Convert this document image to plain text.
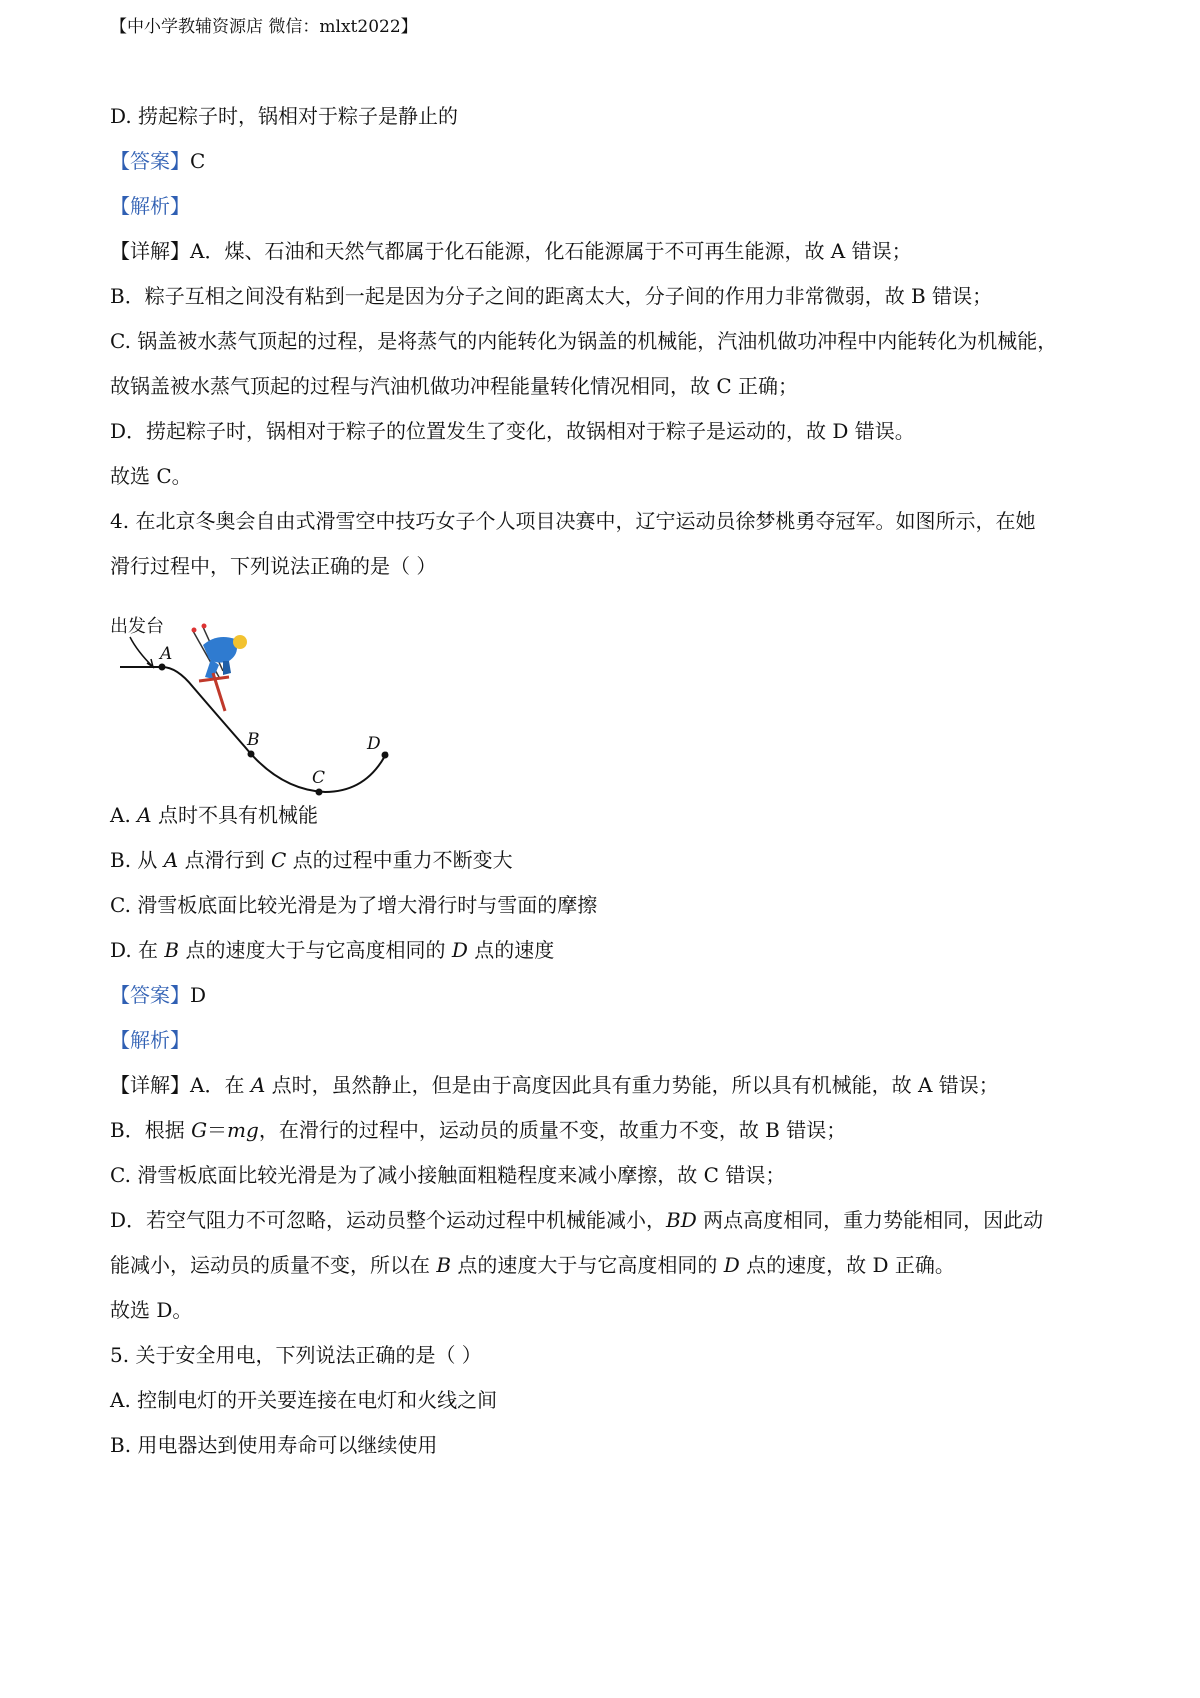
【中小学教辅资源店 微信：mlxt2022】
D. 捞起粽子时，锅相对于粽子是静止的
【答案】C
【解析】
【详解】A．煤、石油和天然气都属于化石能源，化石能源属于不可再生能源，故 A 错误；
B．粽子互相之间没有粘到一起是因为分子之间的距离太大，分子间的作用力非常微弱，故 B 错误；
C. 锅盖被水蒸气顶起的过程，是将蒸气的内能转化为锅盖的机械能，汽油机做功冲程中内能转化为机械能，
故锅盖被水蒸气顶起的过程与汽油机做功冲程能量转化情况相同，故 C 正确；
D．捞起粽子时，锅相对于粽子的位置发生了变化，故锅相对于粽子是运动的，故 D 错误。
故选 C。
4. 在北京冬奥会自由式滑雪空中技巧女子个人项目决赛中，辽宁运动员徐梦桃勇夺冠军。如图所示，在她
滑行过程中，下列说法正确的是（ ）
出发台
A
B
C
D
A. A 点时不具有机械能
B. 从 A 点滑行到 C 点的过程中重力不断变大
C. 滑雪板底面比较光滑是为了增大滑行时与雪面的摩擦
D. 在 B 点的速度大于与它高度相同的 D 点的速度
【答案】D
【解析】
【详解】A．在 A 点时，虽然静止，但是由于高度因此具有重力势能，所以具有机械能，故 A 错误；
B．根据 G＝mg，在滑行的过程中，运动员的质量不变，故重力不变，故 B 错误；
C. 滑雪板底面比较光滑是为了减小接触面粗糙程度来减小摩擦，故 C 错误；
D．若空气阻力不可忽略，运动员整个运动过程中机械能减小，BD 两点高度相同，重力势能相同，因此动
能减小，运动员的质量不变，所以在 B 点的速度大于与它高度相同的 D 点的速度，故 D 正确。
故选 D。
5. 关于安全用电，下列说法正确的是（ ）
A. 控制电灯的开关要连接在电灯和火线之间
B. 用电器达到使用寿命可以继续使用
